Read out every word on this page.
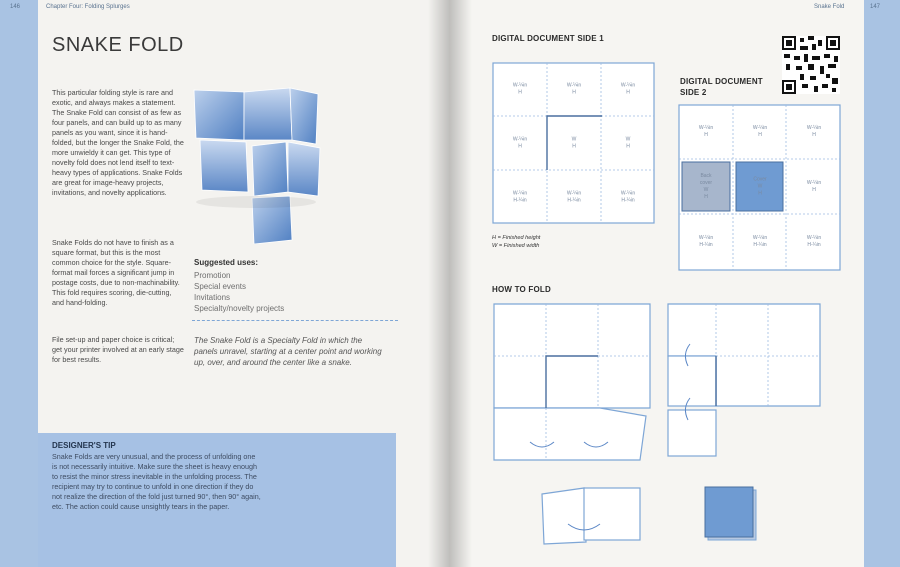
146	Chapter Four: Folding Splurges
SNAKE FOLD
This particular folding style is rare and exotic, and always makes a statement. The Snake Fold can consist of as few as four panels, and can build up to as many panels as you want, since it is hand-folded, but the longer the Snake Fold, the more unwieldy it can get. This type of novelty fold does not lend itself to text-heavy types of applications. Snake Folds are great for image-heavy projects, invitations, and novelty applications.
Snake Folds do not have to finish as a square format, but this is the most common choice for the style. Square-format mail forces a significant jump in postage costs, due to non-machinability. This fold requires scoring, die-cutting, and hand-folding.
File set-up and paper choice is critical; get your printer involved at an early stage for best results.
Suggested uses:
Promotion
Special events
Invitations
Specialty/novelty projects
The Snake Fold is a Specialty Fold in which the panels unravel, starting at a center point and working up, over, and around the center like a snake.
DESIGNER'S TIP
Snake Folds are very unusual, and the process of unfolding one is not necessarily intuitive. Make sure the sheet is heavy enough to resist the minor stress inevitable in the unfolding process. The recipient may try to continue to unfold in one direction if they do not realize the direction of the fold just turned 90°, then 90° again, etc. The action could cause unsightly tears in the paper.
Snake Fold	147
DIGITAL DOCUMENT SIDE 1
DIGITAL DOCUMENT
SIDE 2
W-¼in H
W-¼in H
W-¼in H
W-¼in H
W H
W H
W-¼in H-¼in
W-¼in H-¼in
W-¼in H-¼in
W-¼in H
W-¼in H
W-¼in H
Back cover W H
Cover W H
W-¼in H
W-¼in H-¼in
W-¼in H-¼in
W-¼in H-¼in
H = Finished height
W = Finished width
HOW TO FOLD
